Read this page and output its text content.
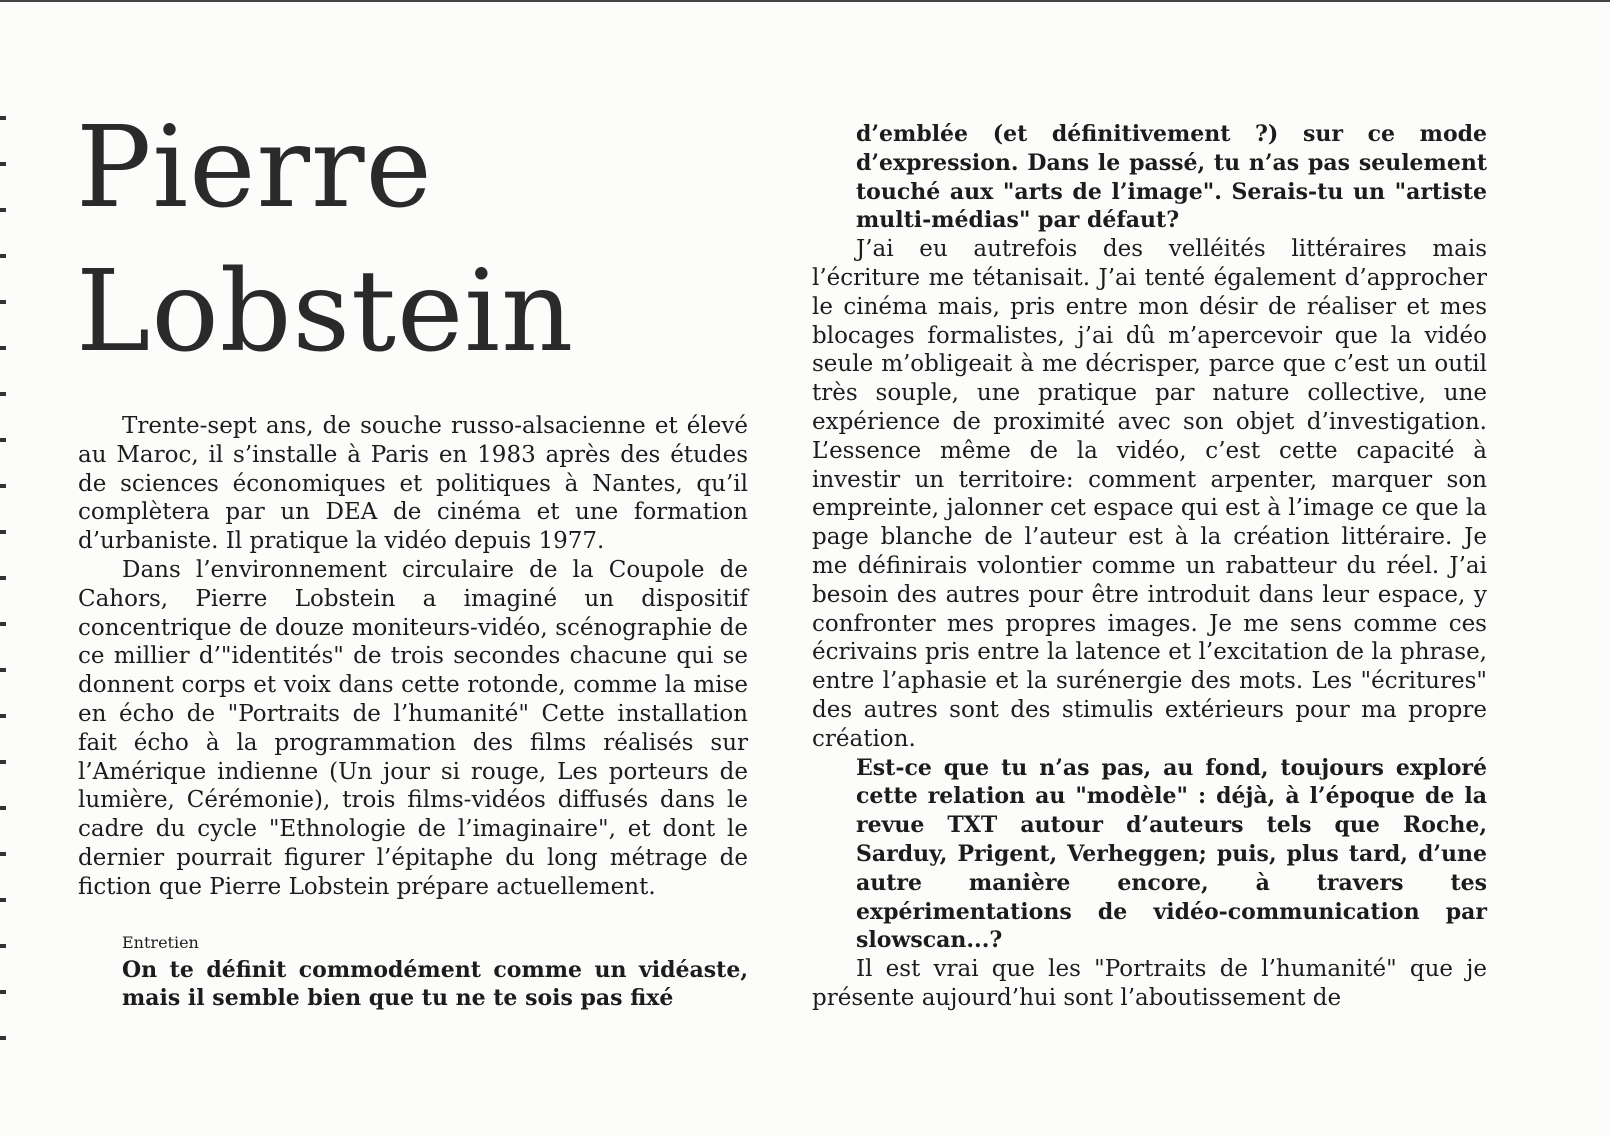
Pierre
Lobstein

Trente-sept ans, de souche russo-alsacienne et élevé au Maroc, il s’installe à Paris en 1983 après des études de sciences économiques et politiques à Nantes, qu’il complètera par un DEA de cinéma et une formation d’urbaniste. Il pratique la vidéo depuis 1977.

Dans l’environnement circulaire de la Coupole de Cahors, Pierre Lobstein a imaginé un dispositif concentrique de douze moniteurs-vidéo, scénographie de ce millier d’"identités" de trois secondes chacune qui se donnent corps et voix dans cette rotonde, comme la mise en écho de "Portraits de l’humanité" Cette installation fait écho à la programmation des films réalisés sur l’Amérique indienne (Un jour si rouge, Les porteurs de lumière, Cérémonie), trois films-vidéos diffusés dans le cadre du cycle "Ethnologie de l’imaginaire", et dont le dernier pourrait figurer l’épitaphe du long métrage de fiction que Pierre Lobstein prépare actuellement.

Entretien

On te définit commodément comme un vidéaste, mais il semble bien que tu ne te sois pas fixé

d’emblée (et définitivement ?) sur ce mode d’expression. Dans le passé, tu n’as pas seulement touché aux "arts de l’image". Serais-tu un "artiste multi-médias" par défaut?

J’ai eu autrefois des velléités littéraires mais l’écriture me tétanisait. J’ai tenté également d’approcher le cinéma mais, pris entre mon désir de réaliser et mes blocages formalistes, j’ai dû m’apercevoir que la vidéo seule m’obligeait à me décrisper, parce que c’est un outil très souple, une pratique par nature collective, une expérience de proximité avec son objet d’investigation. L’essence même de la vidéo, c’est cette capacité à investir un territoire: comment arpenter, marquer son empreinte, jalonner cet espace qui est à l’image ce que la page blanche de l’auteur est à la création littéraire. Je me définirais volontier comme un rabatteur du réel. J’ai besoin des autres pour être introduit dans leur espace, y confronter mes propres images. Je me sens comme ces écrivains pris entre la latence et l’excitation de la phrase, entre l’aphasie et la surénergie des mots. Les "écritures" des autres sont des stimulis extérieurs pour ma propre création.

Est-ce que tu n’as pas, au fond, toujours exploré cette relation au "modèle" : déjà, à l’époque de la revue TXT autour d’auteurs tels que Roche, Sarduy, Prigent, Verheggen; puis, plus tard, d’une autre manière encore, à travers tes expérimentations de vidéo-communication par slowscan...?

Il est vrai que les "Portraits de l’humanité" que je présente aujourd’hui sont l’aboutissement de
